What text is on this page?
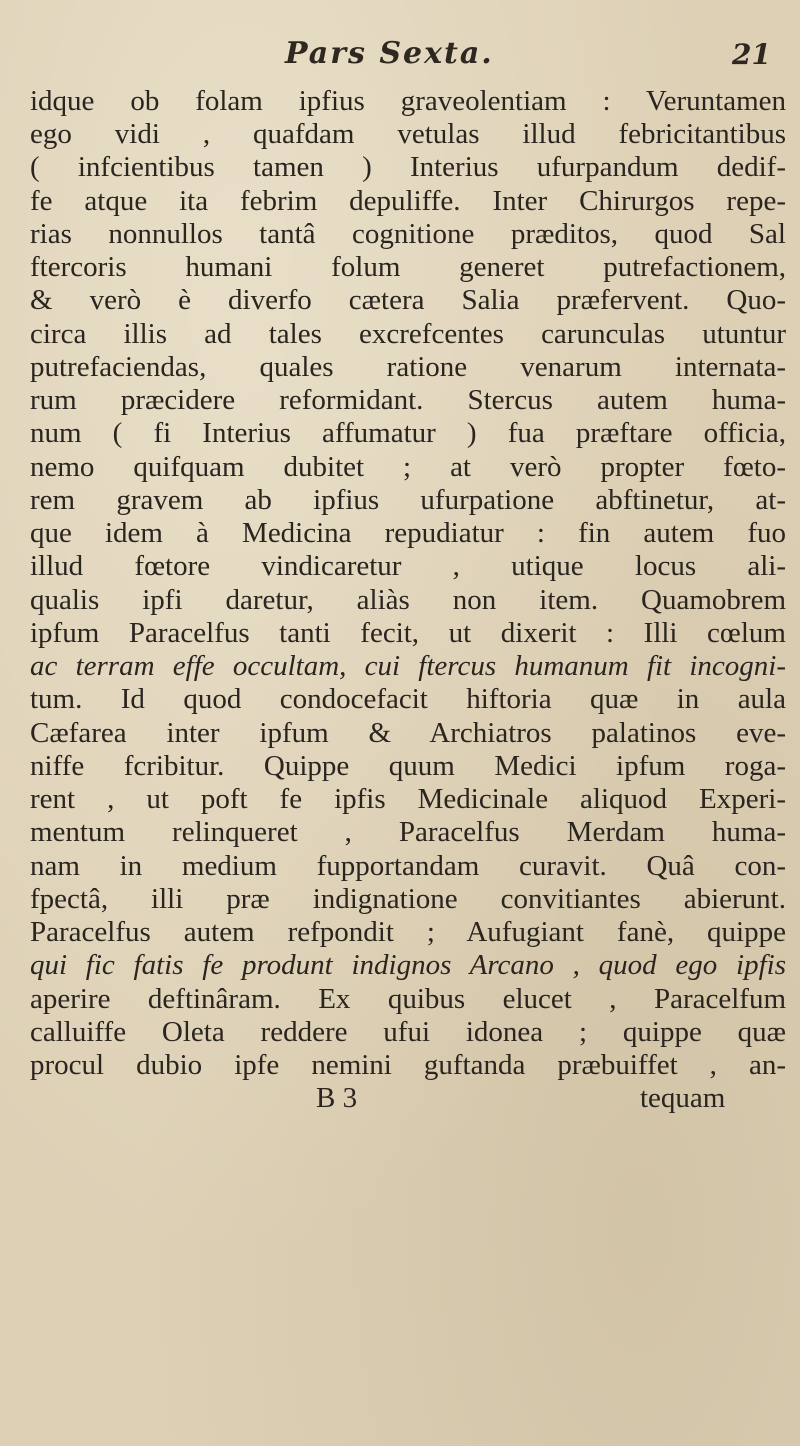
Pars Sexta.	21
idque ob folam ipfius graveolentiam : Veruntamen
ego vidi , quafdam vetulas illud febricitantibus
( infcientibus tamen ) Interius ufurpandum dedif-
fe atque ita febrim depuliffe. Inter Chirurgos repe-
rias nonnullos tantâ cognitione præditos, quod Sal
ftercoris humani folum generet putrefactionem,
& verò è diverfo cætera Salia præfervent. Quo-
circa illis ad tales excrefcentes carunculas utuntur
putrefaciendas, quales ratione venarum internata-
rum præcidere reformidant. Stercus autem huma-
num ( fi Interius affumatur ) fua præftare officia,
nemo quifquam dubitet ; at verò propter fœto-
rem gravem ab ipfius ufurpatione abftinetur, at-
que idem à Medicina repudiatur : fin autem fuo
illud fœtore vindicaretur , utique locus ali-
qualis ipfi daretur, aliàs non item. Quamobrem
ipfum Paracelfus tanti fecit, ut dixerit : Illi cœlum
ac terram effe occultam, cui ftercus humanum fit incogni-
tum. Id quod condocefacit hiftoria quæ in aula
Cæfarea inter ipfum & Archiatros palatinos eve-
niffe fcribitur. Quippe quum Medici ipfum roga-
rent , ut poft fe ipfis Medicinale aliquod Experi-
mentum relinqueret , Paracelfus Merdam huma-
nam in medium fupportandam curavit. Quâ con-
fpectâ, illi præ indignatione convitiantes abierunt.
Paracelfus autem refpondit ; Aufugiant fanè, quippe
qui fic fatis fe produnt indignos Arcano , quod ego ipfis
aperire deftinâram. Ex quibus elucet , Paracelfum
calluiffe Oleta reddere ufui idonea ; quippe quæ
procul dubio ipfe nemini guftanda præbuiffet , an-
B 3	tequam
